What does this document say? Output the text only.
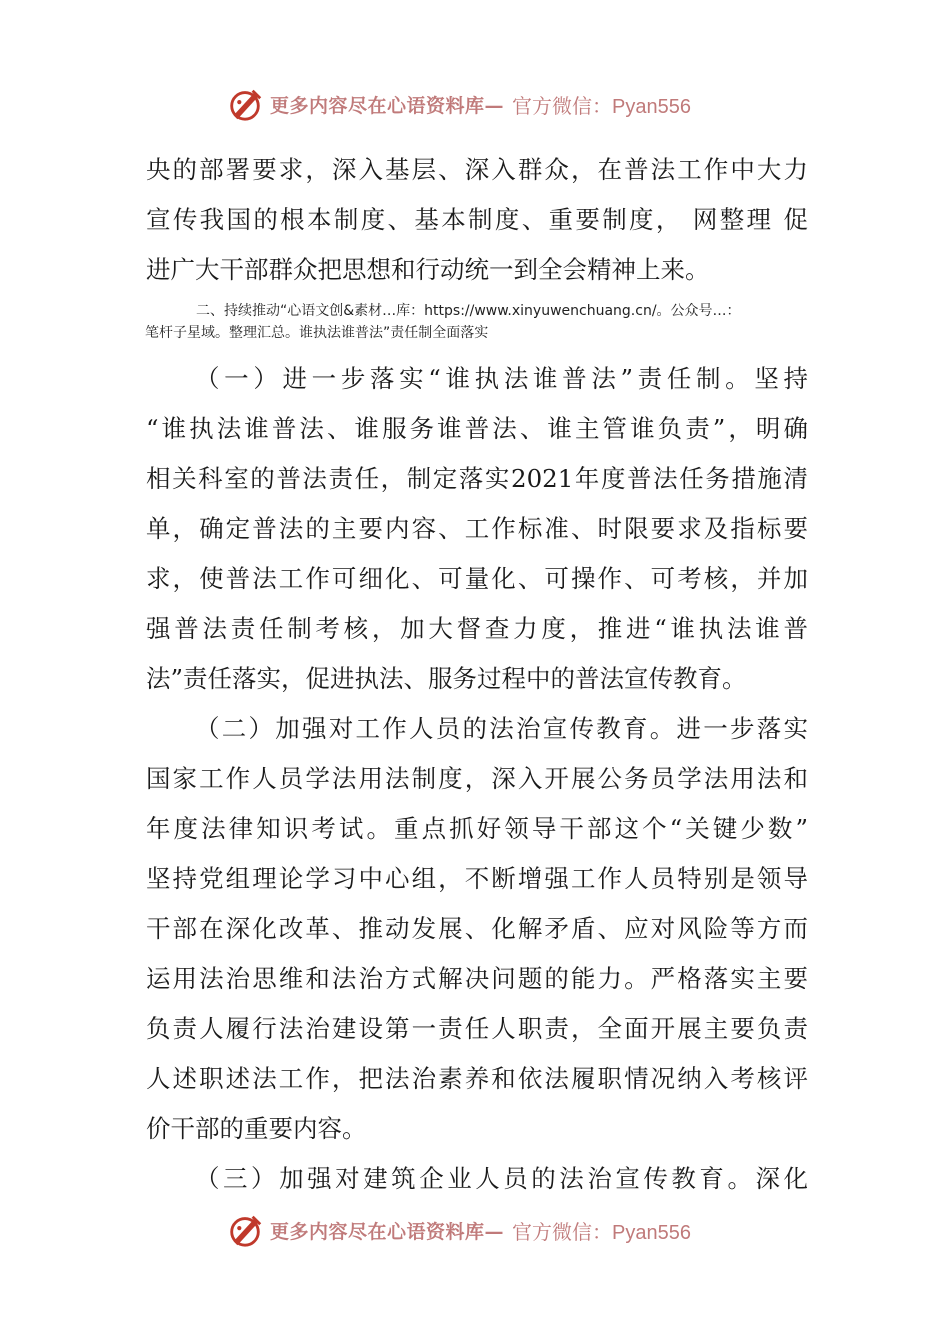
更多内容尽在心语资料库— 官方微信：Pyan556
央的部署要求，深入基层、深入群众，在普法工作中大力
宣传我国的根本制度、基本制度、重要制度， 网整理 促
进广大干部群众把思想和行动统一到全会精神上来。
二、持续推动“心语文创&素材…库：https://www.xinyuwenchuang.cn/。公众号…：
笔杆子星域。整理汇总。谁执法谁普法”责任制全面落实
（一）进一步落实“谁执法谁普法”责任制。坚持
“谁执法谁普法、谁服务谁普法、谁主管谁负责”，明确
相关科室的普法责任，制定落实2021年度普法任务措施清
单，确定普法的主要内容、工作标准、时限要求及指标要
求，使普法工作可细化、可量化、可操作、可考核，并加
强普法责任制考核，加大督查力度，推进“谁执法谁普
法”责任落实，促进执法、服务过程中的普法宣传教育。
（二）加强对工作人员的法治宣传教育。进一步落实
国家工作人员学法用法制度，深入开展公务员学法用法和
年度法律知识考试。重点抓好领导干部这个“关键少数”
坚持党组理论学习中心组，不断增强工作人员特别是领导
干部在深化改革、推动发展、化解矛盾、应对风险等方而
运用法治思维和法治方式解决问题的能力。严格落实主要
负责人履行法治建设第一责任人职责，全面开展主要负责
人述职述法工作，把法治素养和依法履职情况纳入考核评
价干部的重要内容。
（三）加强对建筑企业人员的法治宣传教育。深化
更多内容尽在心语资料库— 官方微信：Pyan556
